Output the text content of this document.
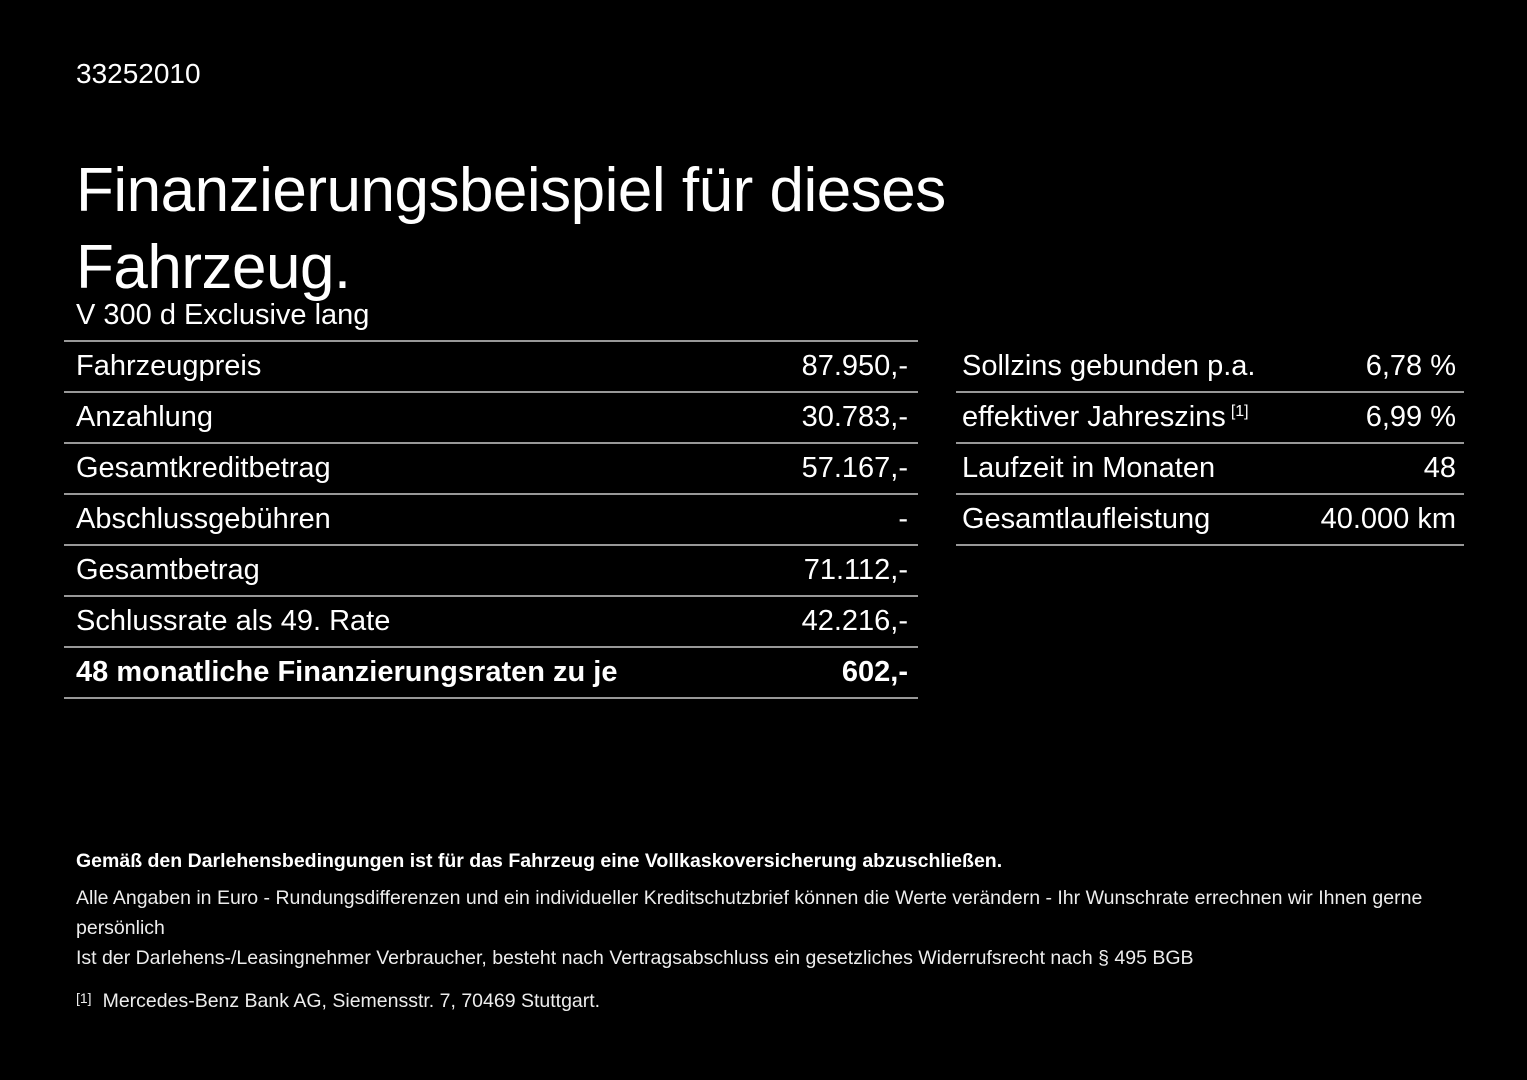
33252010
Finanzierungsbeispiel für dieses
Fahrzeug.
V 300 d Exclusive lang
Fahrzeugpreis	87.950,-
Anzahlung	30.783,-
Gesamtkreditbetrag	57.167,-
Abschlussgebühren	-
Gesamtbetrag	71.112,-
Schlussrate als 49. Rate	42.216,-
48 monatliche Finanzierungsraten zu je	602,-
Sollzins gebunden p.a.	6,78 %
effektiver Jahreszins [1]	6,99 %
Laufzeit in Monaten	48
Gesamtlaufleistung	40.000 km

Gemäß den Darlehensbedingungen ist für das Fahrzeug eine Vollkaskoversicherung abzuschließen.

Alle Angaben in Euro - Rundungsdifferenzen und ein individueller Kreditschutzbrief können die Werte verändern - Ihr Wunschrate errechnen wir Ihnen gerne persönlich

Ist der Darlehens-/Leasingnehmer Verbraucher, besteht nach Vertragsabschluss ein gesetzliches Widerrufsrecht nach § 495 BGB

[1] Mercedes-Benz Bank AG, Siemensstr. 7, 70469 Stuttgart.
